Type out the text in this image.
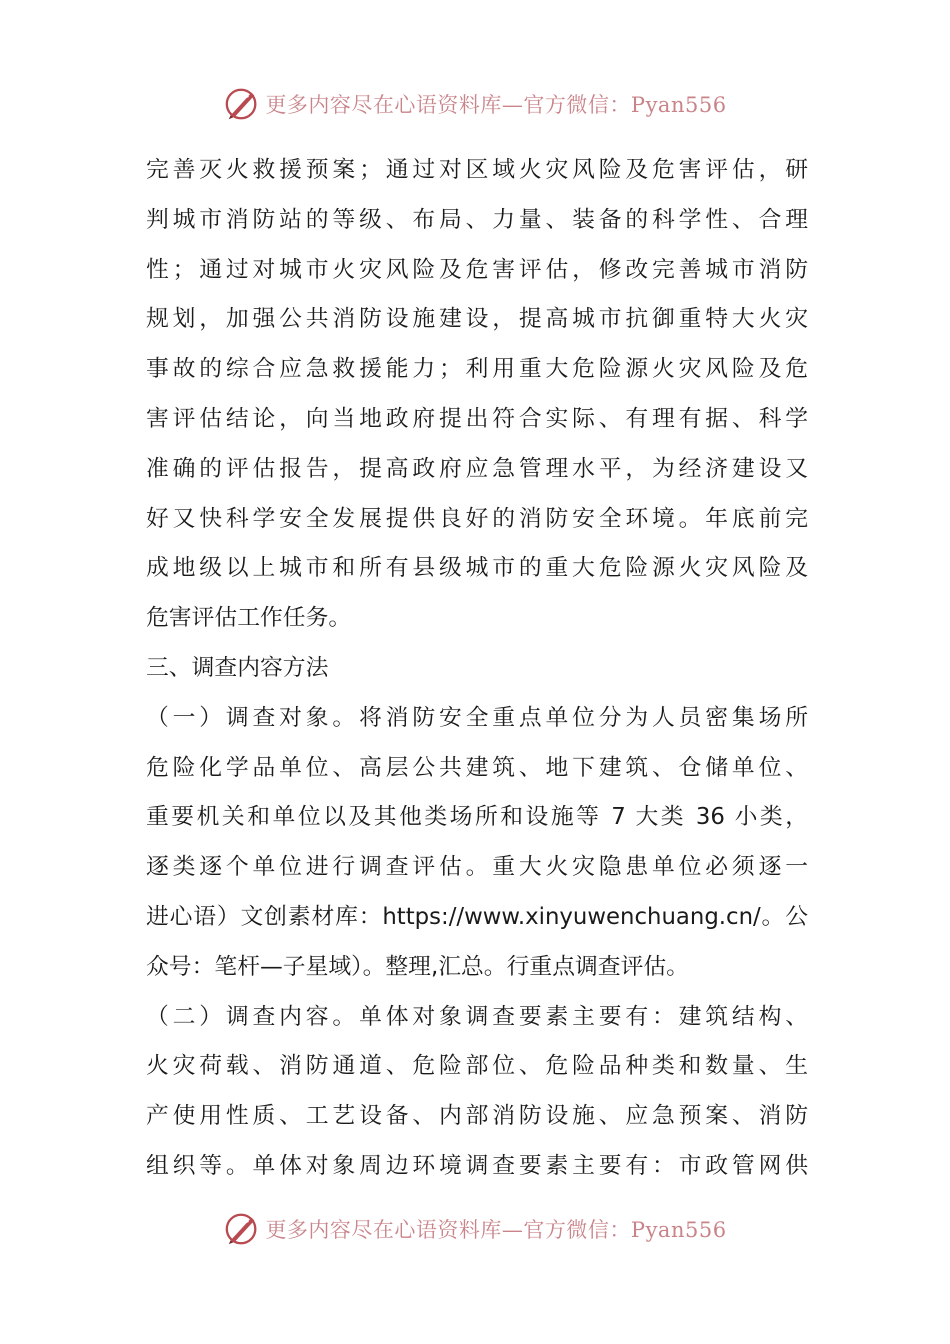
更多内容尽在心语资料库—官方微信：Pyan556
完善灭火救援预案；通过对区域火灾风险及危害评估，研
判城市消防站的等级、布局、力量、装备的科学性、合理
性；通过对城市火灾风险及危害评估，修改完善城市消防
规划，加强公共消防设施建设，提高城市抗御重特大火灾
事故的综合应急救援能力；利用重大危险源火灾风险及危
害评估结论，向当地政府提出符合实际、有理有据、科学
准确的评估报告，提高政府应急管理水平，为经济建设又
好又快科学安全发展提供良好的消防安全环境。年底前完
成地级以上城市和所有县级城市的重大危险源火灾风险及
危害评估工作任务。
三、调查内容方法
（一）调查对象。将消防安全重点单位分为人员密集场所
危险化学品单位、高层公共建筑、地下建筑、仓储单位、
重要机关和单位以及其他类场所和设施等 7 大类 36 小类，
逐类逐个单位进行调查评估。重大火灾隐患单位必须逐一
进心语）文创素材库：https://www.xinyuwenchuang.cn/。公
众号：笔杆—子星域）。整理,汇总。行重点调查评估。
（二）调查内容。单体对象调查要素主要有：建筑结构、
火灾荷载、消防通道、危险部位、危险品种类和数量、生
产使用性质、工艺设备、内部消防设施、应急预案、消防
组织等。单体对象周边环境调查要素主要有：市政管网供
更多内容尽在心语资料库—官方微信：Pyan556
